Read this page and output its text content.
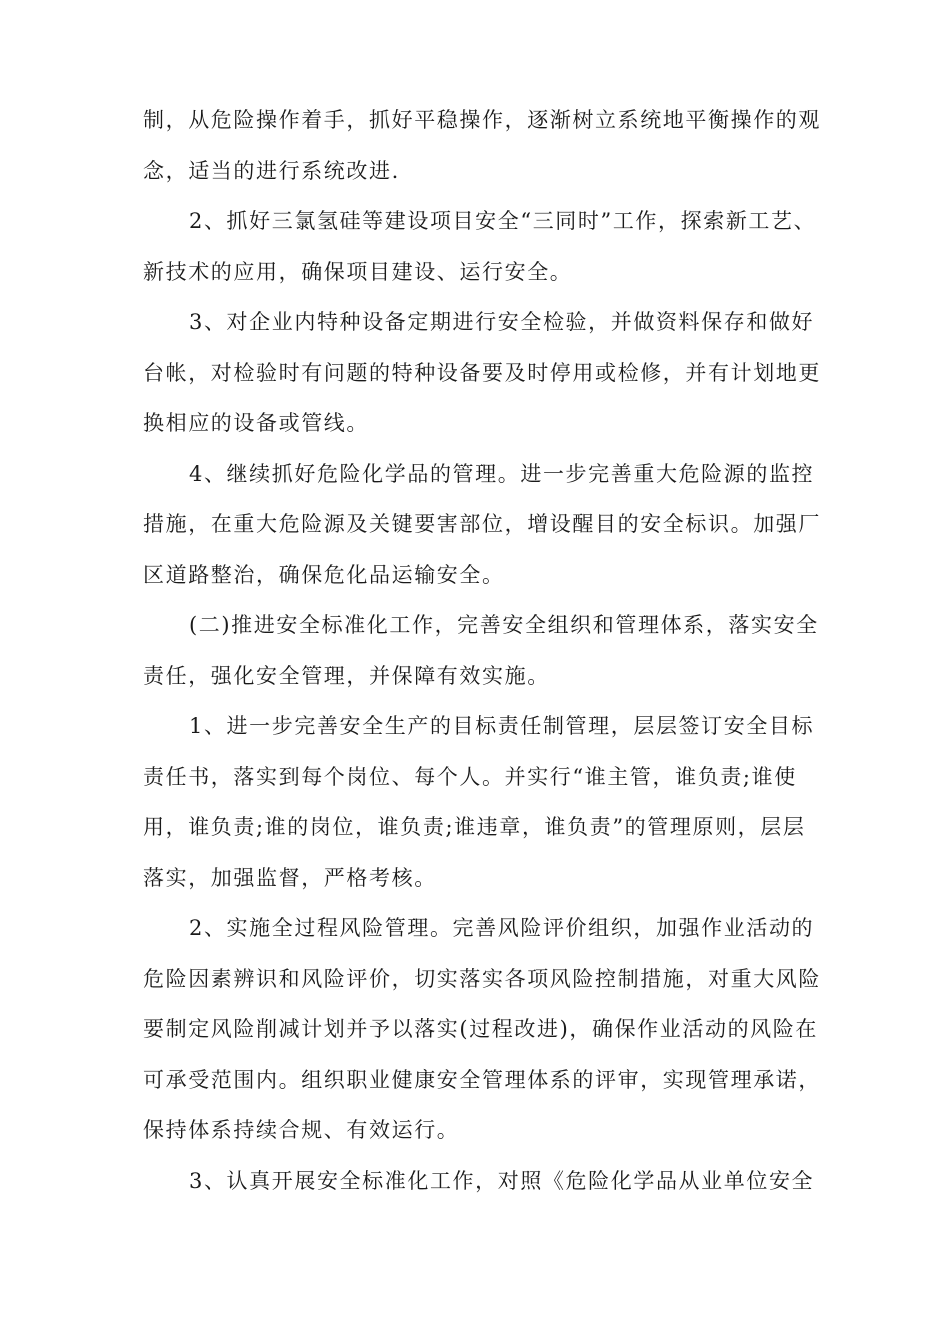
制，从危险操作着手，抓好平稳操作，逐渐树立系统地平衡操作的观
念，适当的进行系统改进.
2、抓好三氯氢硅等建设项目安全“三同时”工作，探索新工艺、
新技术的应用，确保项目建设、运行安全。
3、对企业内特种设备定期进行安全检验，并做资料保存和做好
台帐，对检验时有问题的特种设备要及时停用或检修，并有计划地更
换相应的设备或管线。
4、继续抓好危险化学品的管理。进一步完善重大危险源的监控
措施，在重大危险源及关键要害部位，增设醒目的安全标识。加强厂
区道路整治，确保危化品运输安全。
(二)推进安全标准化工作，完善安全组织和管理体系，落实安全
责任，强化安全管理，并保障有效实施。
1、进一步完善安全生产的目标责任制管理，层层签订安全目标
责任书，落实到每个岗位、每个人。并实行“谁主管，谁负责;谁使
用，谁负责;谁的岗位，谁负责;谁违章，谁负责”的管理原则，层层
落实，加强监督，严格考核。
2、实施全过程风险管理。完善风险评价组织，加强作业活动的
危险因素辨识和风险评价，切实落实各项风险控制措施，对重大风险
要制定风险削减计划并予以落实(过程改进)，确保作业活动的风险在
可承受范围内。组织职业健康安全管理体系的评审，实现管理承诺，
保持体系持续合规、有效运行。
3、认真开展安全标准化工作，对照《危险化学品从业单位安全
